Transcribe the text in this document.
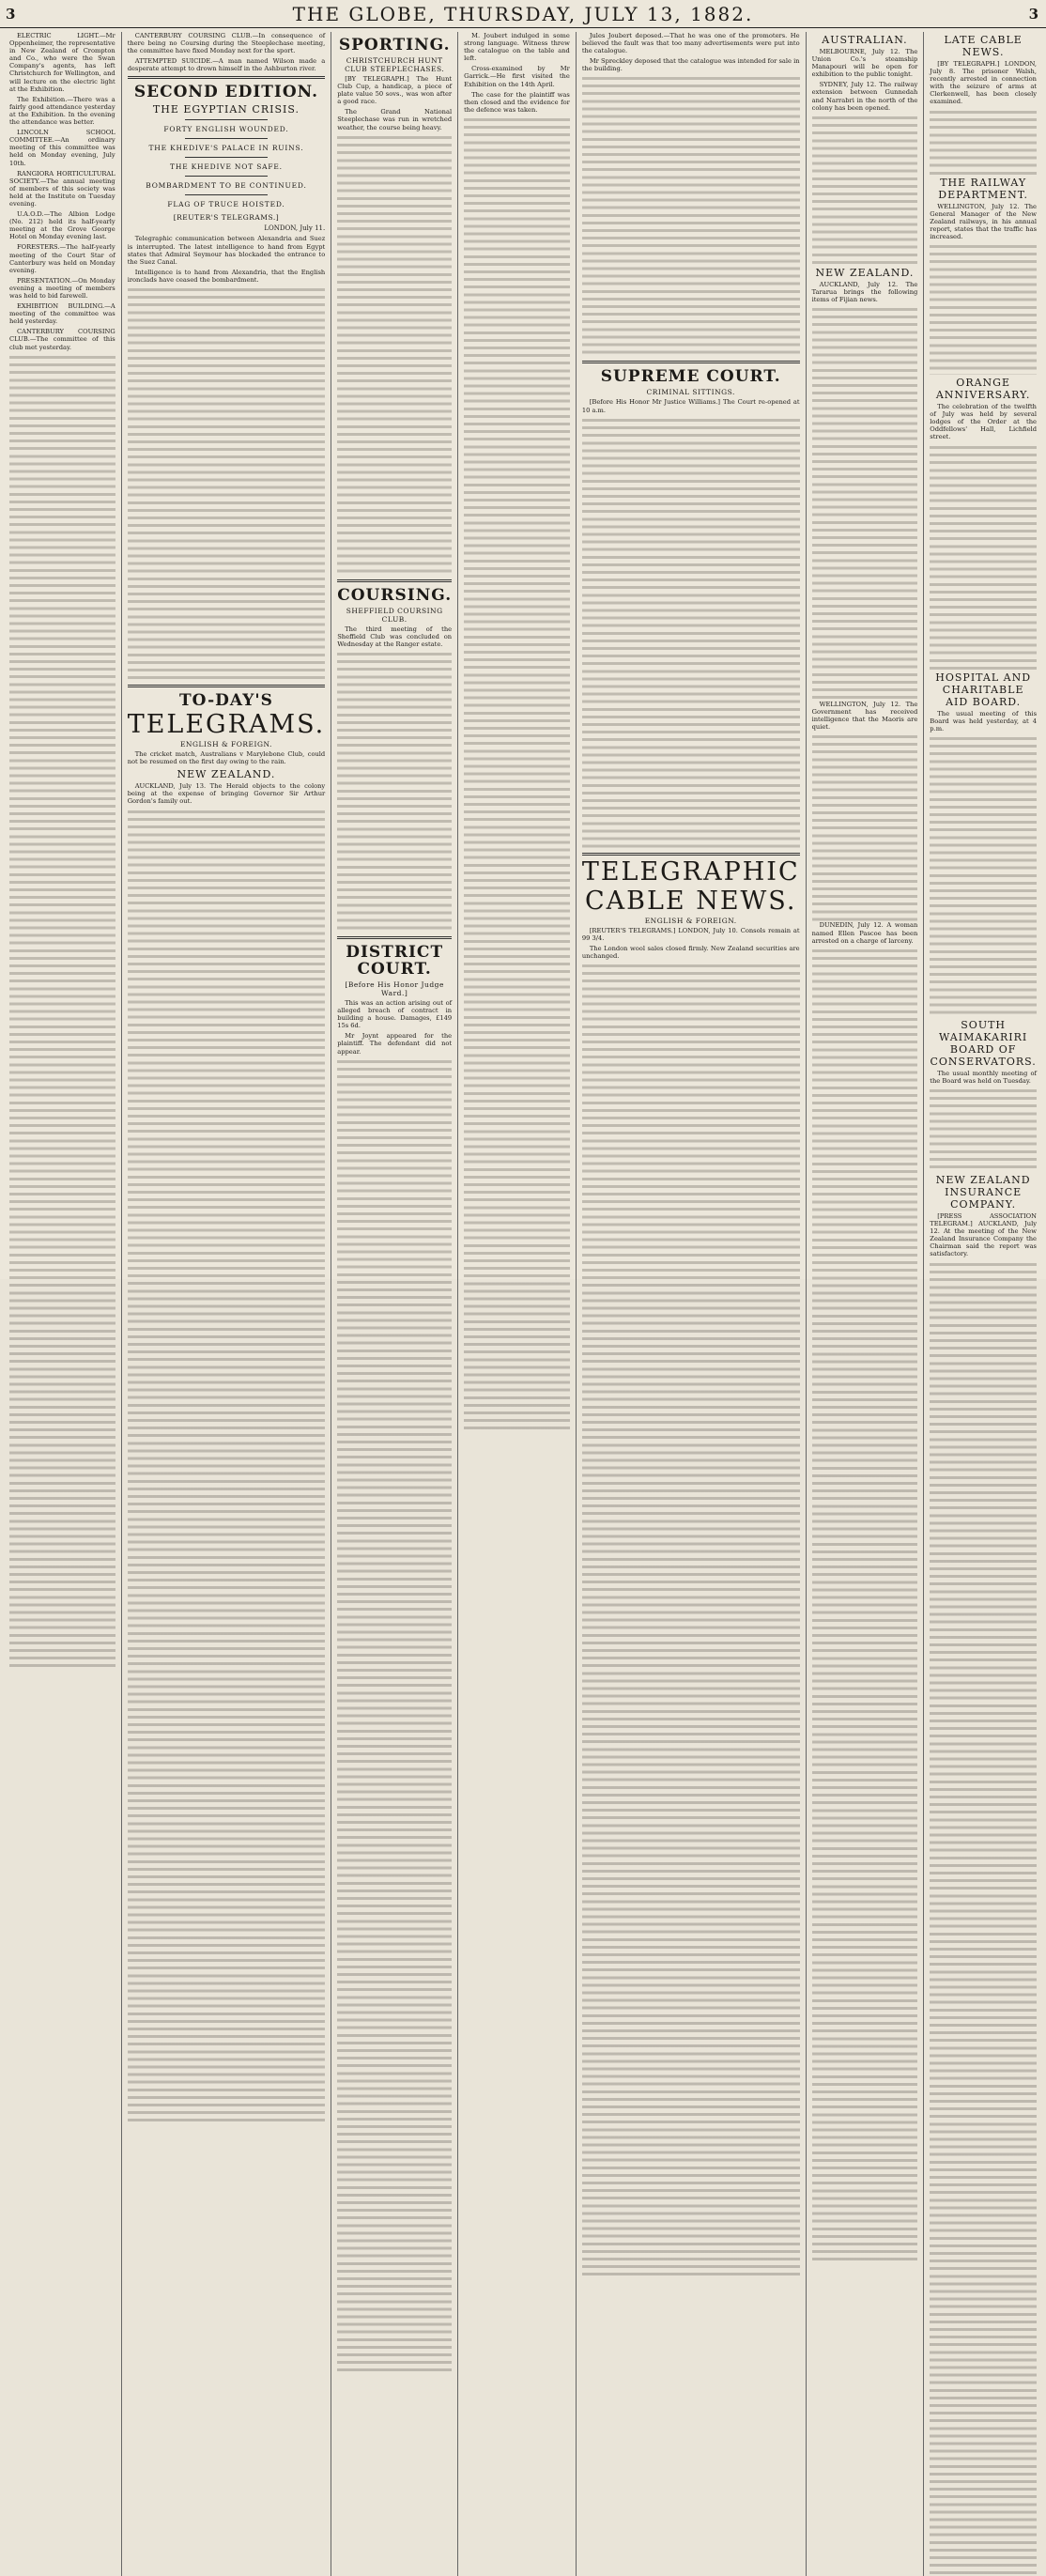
3	THE GLOBE, THURSDAY, JULY 13, 1882.	3

ELECTRIC LIGHT.—Mr Oppenheimer, the representative in New Zealand of Crompton and Co., who were the Swan Company's agents, has left Christchurch for Wellington, and will lecture on the electric light at the Exhibition.

The Exhibition.—There was a fairly good attendance yesterday at the Exhibition. In the evening the attendance was better.

LINCOLN SCHOOL COMMITTEE.—An ordinary meeting of this committee was held on Monday evening, July 10th.

RANGIORA HORTICULTURAL SOCIETY.—The annual meeting of members of this society was held at the Institute on Tuesday evening.

U.A.O.D.—The Albion Lodge (No. 212) held its half-yearly meeting at the Grove George Hotel on Monday evening last.

FORESTERS.—The half-yearly meeting of the Court Star of Canterbury was held on Monday evening.

PRESENTATION.—On Monday evening a meeting of members was held to bid farewell.

EXHIBITION BUILDING.—A meeting of the committee was held yesterday.

CANTERBURY COURSING CLUB.—The committee of this club met yesterday.

CANTERBURY COURSING CLUB.—In consequence of there being no Coursing during the Steeplechase meeting, the committee have fixed Monday next for the sport.

ATTEMPTED SUICIDE.—A man named Wilson made a desperate attempt to drown himself in the Ashburton river.

SECOND EDITION.
THE EGYPTIAN CRISIS.
FORTY ENGLISH WOUNDED.
THE KHEDIVE'S PALACE IN RUINS.
THE KHEDIVE NOT SAFE.
BOMBARDMENT TO BE CONTINUED.
FLAG OF TRUCE HOISTED.
[REUTER'S TELEGRAMS.]
LONDON, July 11.

Telegraphic communication between Alexandria and Suez is interrupted. The latest intelligence to hand from Egypt states that Admiral Seymour has blockaded the entrance to the Suez Canal.

Intelligence is to hand from Alexandria, that the English ironclads have ceased the bombardment.

TO-DAY'S
TELEGRAMS.
ENGLISH & FOREIGN.

The cricket match, Australians v Marylebone Club, could not be resumed on the first day owing to the rain.

NEW ZEALAND.

AUCKLAND, July 13. The Herald objects to the colony being at the expense of bringing Governor Sir Arthur Gordon's family out.

SPORTING.
CHRISTCHURCH HUNT CLUB STEEPLECHASES.

[BY TELEGRAPH.] The Hunt Club Cup, a handicap, a piece of plate value 50 sovs., was won after a good race.

The Grand National Steeplechase was run in wretched weather, the course being heavy.

COURSING.
SHEFFIELD COURSING CLUB.

The third meeting of the Sheffield Club was concluded on Wednesday at the Ranger estate.

DISTRICT COURT.
[Before His Honor Judge Ward.]

This was an action arising out of alleged breach of contract in building a house. Damages, £149 15s 6d.

Mr Joynt appeared for the plaintiff. The defendant did not appear.

M. Joubert indulged in some strong language. Witness threw the catalogue on the table and left.

Cross-examined by Mr Garrick.—He first visited the Exhibition on the 14th April.

The case for the plaintiff was then closed and the evidence for the defence was taken.

Jules Joubert deposed.—That he was one of the promoters. He believed the fault was that too many advertisements were put into the catalogue.

Mr Spreckley deposed that the catalogue was intended for sale in the building.

SUPREME COURT.
CRIMINAL SITTINGS.

[Before His Honor Mr Justice Williams.] The Court re-opened at 10 a.m.

TELEGRAPHIC
CABLE NEWS.
ENGLISH & FOREIGN.

[REUTER'S TELEGRAMS.] LONDON, July 10. Consols remain at 99 3/4.

The London wool sales closed firmly. New Zealand securities are unchanged.

AUSTRALIAN.

MELBOURNE, July 12. The Union Co.'s steamship Manapouri will be open for exhibition to the public tonight.

SYDNEY, July 12. The railway extension between Gunnedah and Narrabri in the north of the colony has been opened.

NEW ZEALAND.

AUCKLAND, July 12. The Tararua brings the following items of Fijian news.

WELLINGTON, July 12. The Government has received intelligence that the Maoris are quiet.

DUNEDIN, July 12. A woman named Ellen Pascoe has been arrested on a charge of larceny.

LATE CABLE NEWS.

[BY TELEGRAPH.] LONDON, July 8. The prisoner Walsh, recently arrested in connection with the seizure of arms at Clerkenwell, has been closely examined.

THE RAILWAY DEPARTMENT.

WELLINGTON, July 12. The General Manager of the New Zealand railways, in his annual report, states that the traffic has increased.

ORANGE ANNIVERSARY.

The celebration of the twelfth of July was held by several lodges of the Order at the Oddfellows' Hall, Lichfield street.

HOSPITAL AND CHARITABLE AID BOARD.

The usual meeting of this Board was held yesterday, at 4 p.m.

SOUTH WAIMAKARIRI BOARD OF CONSERVATORS.

The usual monthly meeting of the Board was held on Tuesday.

NEW ZEALAND INSURANCE COMPANY.

[PRESS ASSOCIATION TELEGRAM.] AUCKLAND, July 12. At the meeting of the New Zealand Insurance Company the Chairman said the report was satisfactory.
